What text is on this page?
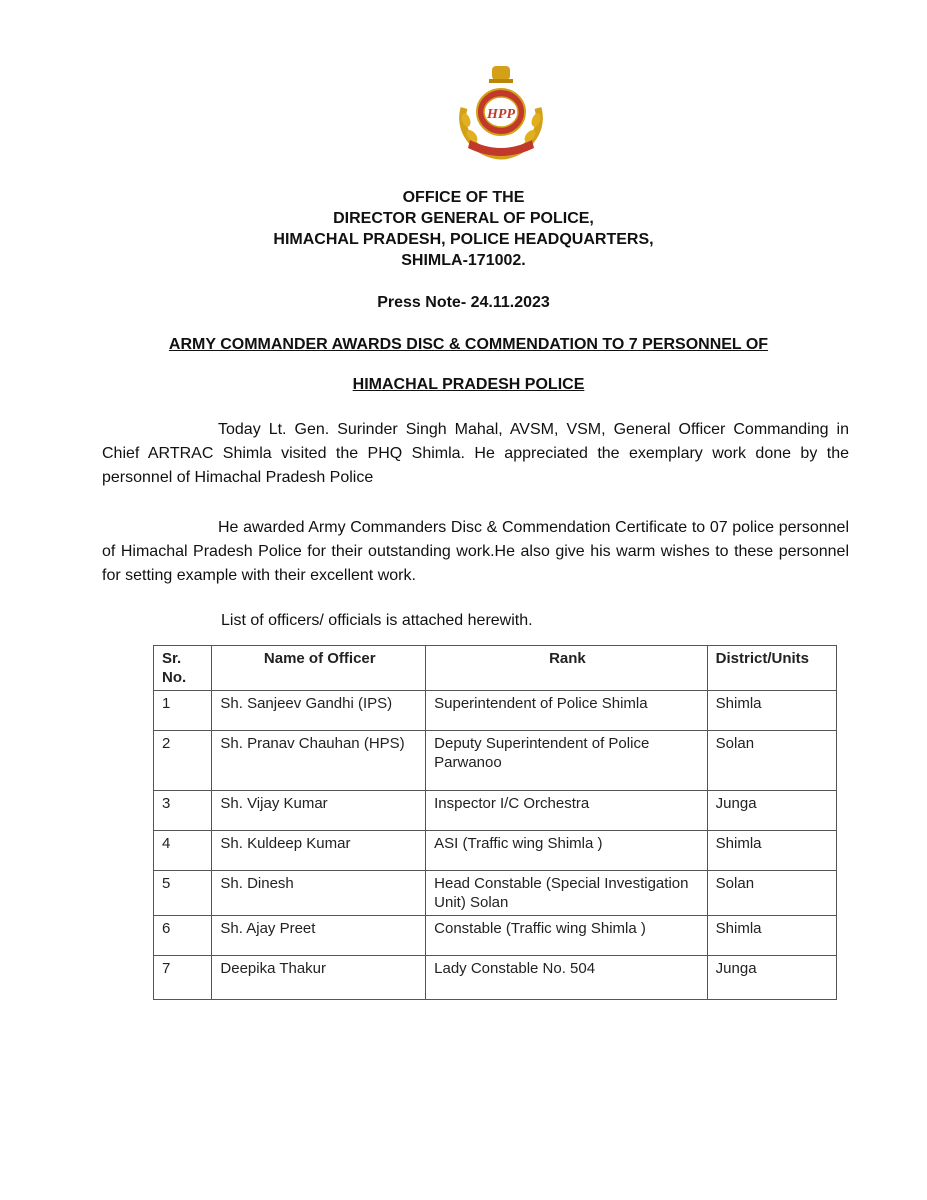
HPP
OFFICE OF THE
DIRECTOR GENERAL OF POLICE,
HIMACHAL PRADESH, POLICE HEADQUARTERS,
SHIMLA-171002.
Press Note- 24.11.2023
ARMY COMMANDER AWARDS DISC & COMMENDATION TO 7 PERSONNEL OF
HIMACHAL PRADESH POLICE
Today Lt. Gen. Surinder Singh Mahal, AVSM, VSM, General Officer Commanding in Chief ARTRAC Shimla visited the PHQ Shimla. He appreciated the exemplary work done by the personnel of Himachal Pradesh Police
He awarded Army Commanders Disc & Commendation Certificate to 07 police personnel of Himachal Pradesh Police for their outstanding work.He also give his warm wishes to these personnel for setting example with their excellent work.
List of officers/ officials is attached herewith.
Sr. No.	Name of Officer	Rank	District/Units
1	Sh. Sanjeev Gandhi (IPS)	Superintendent of Police Shimla	Shimla
2	Sh. Pranav Chauhan (HPS)	Deputy Superintendent of Police Parwanoo	Solan
3	Sh. Vijay Kumar	Inspector I/C Orchestra	Junga
4	Sh. Kuldeep Kumar	ASI (Traffic wing Shimla )	Shimla
5	Sh. Dinesh	Head Constable (Special Investigation Unit) Solan	Solan
6	Sh. Ajay Preet	Constable (Traffic wing Shimla )	Shimla
7	Deepika Thakur	Lady Constable No. 504	Junga
